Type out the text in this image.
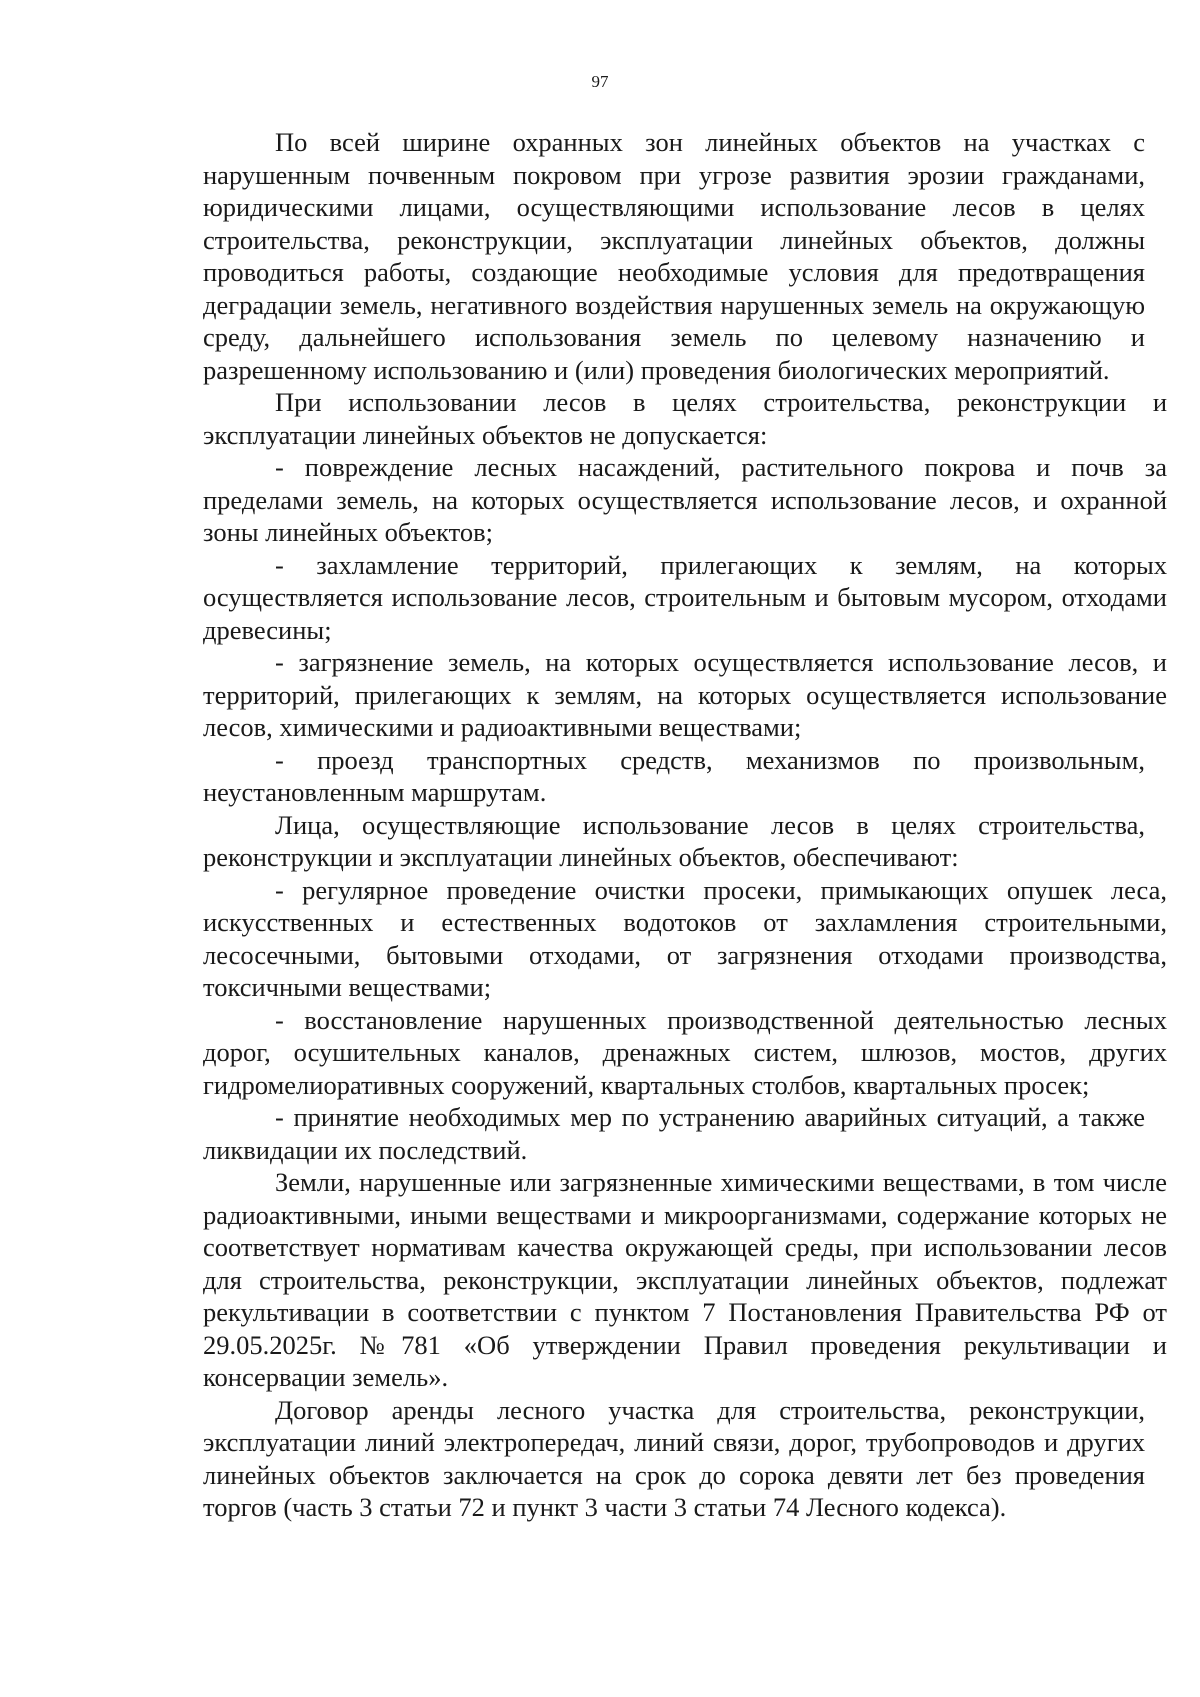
97

По всей ширине охранных зон линейных объектов на участках с нарушенным почвенным покровом при угрозе развития эрозии гражданами, юридическими лицами, осуществляющими использование лесов в целях строительства, реконструкции, эксплуатации линейных объектов, должны проводиться работы, создающие необходимые условия для предотвращения деградации земель, негативного воздействия нарушенных земель на окружающую среду, дальнейшего использования земель по целевому назначению и разрешенному использованию и (или) проведения биологических мероприятий.

При использовании лесов в целях строительства, реконструкции и эксплуатации линейных объектов не допускается:

- повреждение лесных насаждений, растительного покрова и почв за пределами земель, на которых осуществляется использование лесов, и охранной зоны линейных объектов;

- захламление территорий, прилегающих к землям, на которых осуществляется использование лесов, строительным и бытовым мусором, отходами древесины;

- загрязнение земель, на которых осуществляется использование лесов, и территорий, прилегающих к землям, на которых осуществляется использование лесов, химическими и радиоактивными веществами;

- проезд транспортных средств, механизмов по произвольным, неустановленным маршрутам.

Лица, осуществляющие использование лесов в целях строительства, реконструкции и эксплуатации линейных объектов, обеспечивают:

- регулярное проведение очистки просеки, примыкающих опушек леса, искусственных и естественных водотоков от захламления строительными, лесосечными, бытовыми отходами, от загрязнения отходами производства, токсичными веществами;

- восстановление нарушенных производственной деятельностью лесных дорог, осушительных каналов, дренажных систем, шлюзов, мостов, других гидромелиоративных сооружений, квартальных столбов, квартальных просек;

- принятие необходимых мер по устранению аварийных ситуаций, а также ликвидации их последствий.

Земли, нарушенные или загрязненные химическими веществами, в том числе радиоактивными, иными веществами и микроорганизмами, содержание которых не соответствует нормативам качества окружающей среды, при использовании лесов для строительства, реконструкции, эксплуатации линейных объектов, подлежат рекультивации в соответствии с пунктом 7 Постановления Правительства РФ от 29.05.2025г. №781 «Об утверждении Правил проведения рекультивации и консервации земель».

Договор аренды лесного участка для строительства, реконструкции, эксплуатации линий электропередач, линий связи, дорог, трубопроводов и других линейных объектов заключается на срок до сорока девяти лет без проведения торгов (часть 3 статьи 72 и пункт 3 части 3 статьи 74 Лесного кодекса).
